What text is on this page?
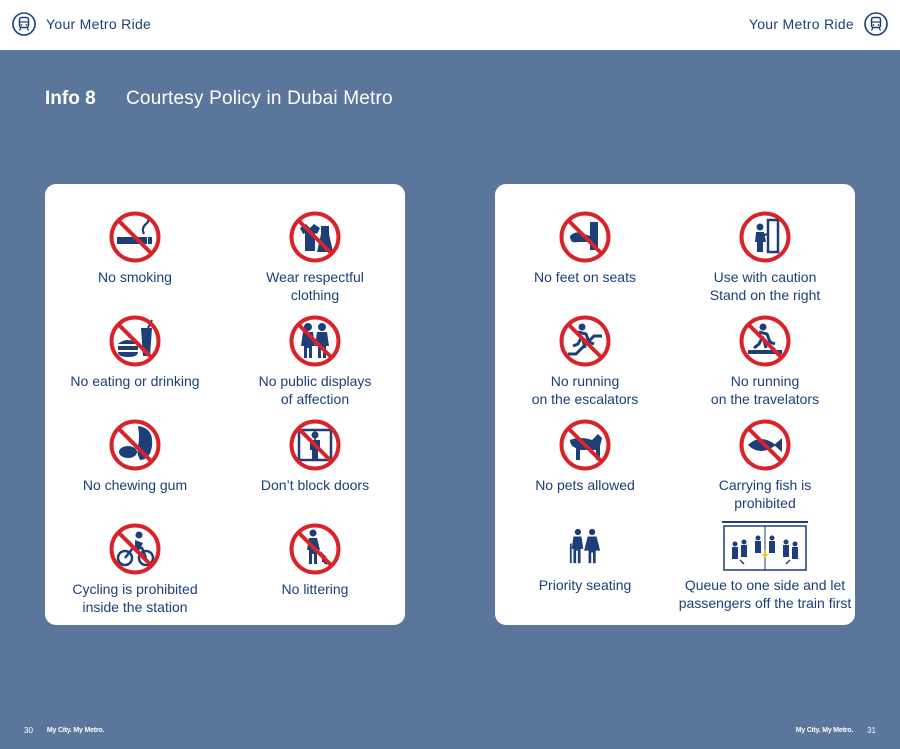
Your Metro Ride	Your Metro Ride
Info 8	Courtesy Policy in Dubai Metro
No smoking	Wear respectful
clothing
No eating or drinking	No public displays
of affection
No chewing gum	Don’t block doors
Cycling is prohibited
inside the station
No littering
No feet on seats	Use with caution
Stand on the right
No running
on the escalators
No running
on the travelators
No pets allowed	Carrying fish is
prohibited
Priority seating	Queue to one side and let
passengers off the train first
30 My City. My Metro.	My City. My Metro. 31
